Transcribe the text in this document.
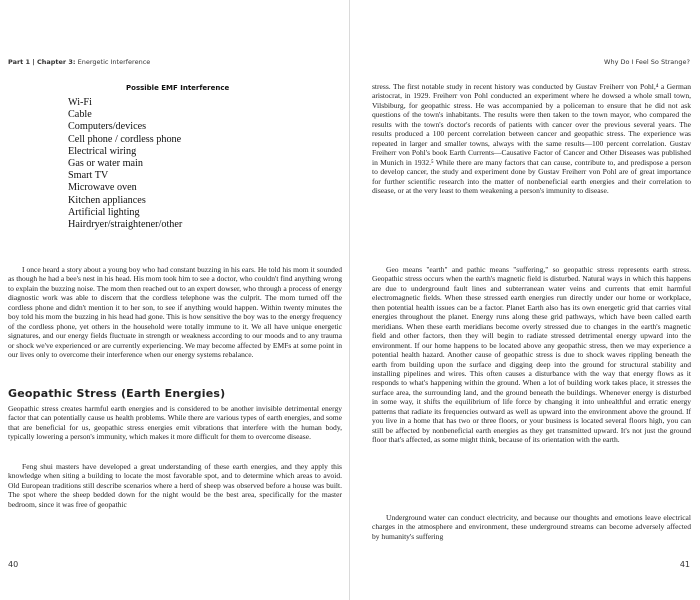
Part 1 | Chapter 3: Energetic Interference
Possible EMF Interference
Wi-Fi
Cable
Computers/devices
Cell phone / cordless phone
Electrical wiring
Gas or water main
Smart TV
Microwave oven
Kitchen appliances
Artificial lighting
Hairdryer/straightener/other

I once heard a story about a young boy who had constant buzzing in his ears. He told his mom it sounded as though he had a bee's nest in his head. His mom took him to see a doctor, who couldn't find anything wrong to explain the buzzing noise. The mom then reached out to an expert dowser, who through a process of energy diagnostic work was able to discern that the cordless telephone was the culprit. The mom turned off the cordless phone and didn't mention it to her son, to see if anything would happen. Within twenty minutes the boy told his mom the buzzing in his head had gone. This is how sensitive the boy was to the energy frequency of the cordless phone, yet others in the household were totally immune to it. We all have unique energetic signatures, and our energy fields fluctuate in strength or weakness according to our moods and to any trauma or shock we've experienced or are currently experiencing. We may become affected by EMFs at some point in our lives only to overcome their interference when our energy systems rebalance.

Geopathic Stress (Earth Energies)

Geopathic stress creates harmful earth energies and is considered to be another invisible detrimental energy factor that can potentially cause us health problems. While there are various types of earth energies, and some that are beneficial for us, geopathic stress energies emit vibrations that interfere with the human body, typically lowering a person's immunity, which makes it more difficult for them to overcome disease.

Feng shui masters have developed a great understanding of these earth energies, and they apply this knowledge when siting a building to locate the most favorable spot, and to determine which areas to avoid. Old European traditions still describe scenarios where a herd of sheep was observed before a house was built. The spot where the sheep bedded down for the night would be the best area, specifically for the master bedroom, since it was free of geopathic

40
Why Do I Feel So Strange?
41

stress. The first notable study in recent history was conducted by Gustav Freiherr von Pohl,⁴ a German aristocrat, in 1929. Freiherr von Pohl conducted an experiment where he dowsed a whole small town, Vilsbiburg, for geopathic stress. He was accompanied by a policeman to ensure that he did not ask questions of the town's inhabitants. The results were then taken to the town mayor, who compared the results with the town's doctor's records of patients with cancer over the previous several years. The results produced a 100 percent correlation between cancer and geopathic stress. The experience was repeated in larger and smaller towns, always with the same results—100 percent correlation. Gustav Freiherr von Pohl's book Earth Currents—Causative Factor of Cancer and Other Diseases was published in Munich in 1932.⁵ While there are many factors that can cause, contribute to, and predispose a person to develop cancer, the study and experiment done by Gustav Freiherr von Pohl are of great importance for further scientific research into the matter of nonbeneficial earth energies and their correlation to disease, or at the very least to them weakening a person's immunity to disease.

Geo means "earth" and pathic means "suffering," so geopathic stress represents earth stress. Geopathic stress occurs when the earth's magnetic field is disturbed. Natural ways in which this happens are due to underground fault lines and subterranean water veins and currents that emit harmful electromagnetic fields. When these stressed earth energies run directly under our home or workplace, then potential health issues can be a factor. Planet Earth also has its own energetic grid that carries vital energies throughout the planet. Energy runs along these grid pathways, which have been called earth meridians. When these earth meridians become overly stressed due to changes in the earth's magnetic field and other factors, then they will begin to radiate stressed detrimental energy upward into the environment. If our home happens to be located above any geopathic stress, then we may experience a potential health hazard. Another cause of geopathic stress is due to shock waves rippling beneath the earth from building upon the surface and digging deep into the ground for structural stability and installing pipelines and wires. This often causes a disturbance with the way that energy flows as it responds to what's happening within the ground. When a lot of building work takes place, it stresses the surface area, the surrounding land, and the ground beneath the buildings. Whenever energy is disturbed in some way, it shifts the equilibrium of life force by changing it into unhealthful and erratic energy patterns that radiate its frequencies outward as well as upward into the environment above the ground. If you live in a home that has two or three floors, or your business is located several floors high, you can still be affected by nonbeneficial earth energies as they get transmitted upward. It's not just the ground floor that's affected, as some might think, because of its orientation with the earth.

Underground water can conduct electricity, and because our thoughts and emotions leave electrical charges in the atmosphere and environment, these underground streams can become adversely affected by humanity's suffering
